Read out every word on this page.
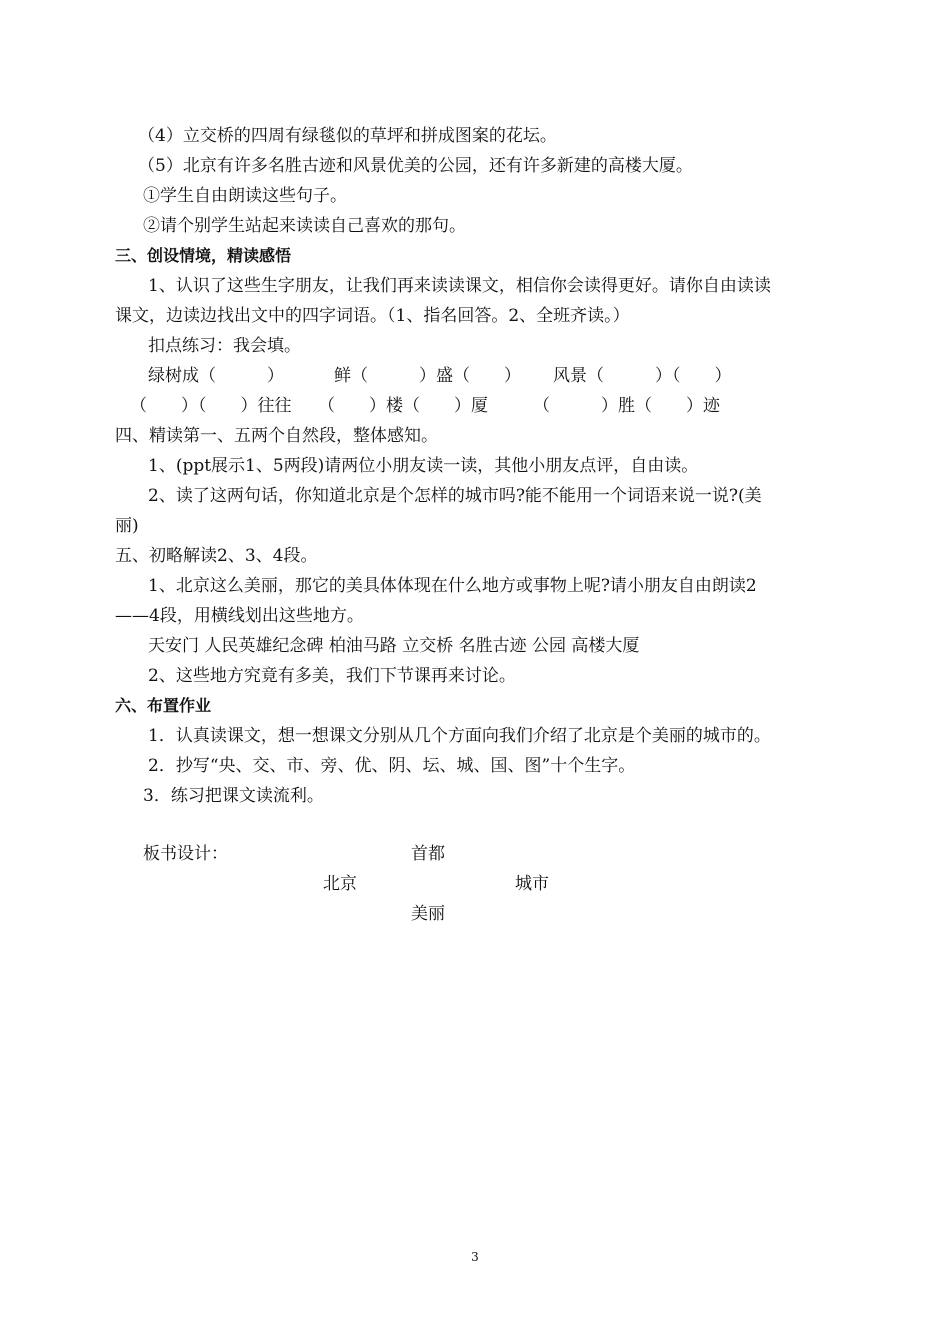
（4）立交桥的四周有绿毯似的草坪和拼成图案的花坛。
（5）北京有许多名胜古迹和风景优美的公园，还有许多新建的高楼大厦。
①学生自由朗读这些句子。
②请个别学生站起来读读自己喜欢的那句。
三、创设情境，精读感悟
1、认识了这些生字朋友，让我们再来读读课文，相信你会读得更好。请你自由读读
课文，边读边找出文中的四字词语。（1、指名回答。2、全班齐读。）
扣点练习：我会填。
绿树成（　　　）	鲜（　　　）盛（　　） 风景（　　　）（　　）
（　　）（　　）往往 （　　）楼（　　）厦	（　　　）胜（　　）迹
四、精读第一、五两个自然段，整体感知。
1、(ppt展示1、5两段)请两位小朋友读一读，其他小朋友点评，自由读。
2、读了这两句话，你知道北京是个怎样的城市吗?能不能用一个词语来说一说?(美
丽)
五、初略解读2、3、4段。
1、北京这么美丽，那它的美具体体现在什么地方或事物上呢?请小朋友自由朗读2
——4段，用横线划出这些地方。
天安门 人民英雄纪念碑 柏油马路 立交桥 名胜古迹 公园 高楼大厦
2、这些地方究竟有多美，我们下节课再来讨论。
六、布置作业
1．认真读课文，想一想课文分别从几个方面向我们介绍了北京是个美丽的城市的。
2．抄写“央、交、市、旁、优、阴、坛、城、国、图”十个生字。
3．练习把课文读流利。
板书设计：	首都
北京	城市
美丽
3
